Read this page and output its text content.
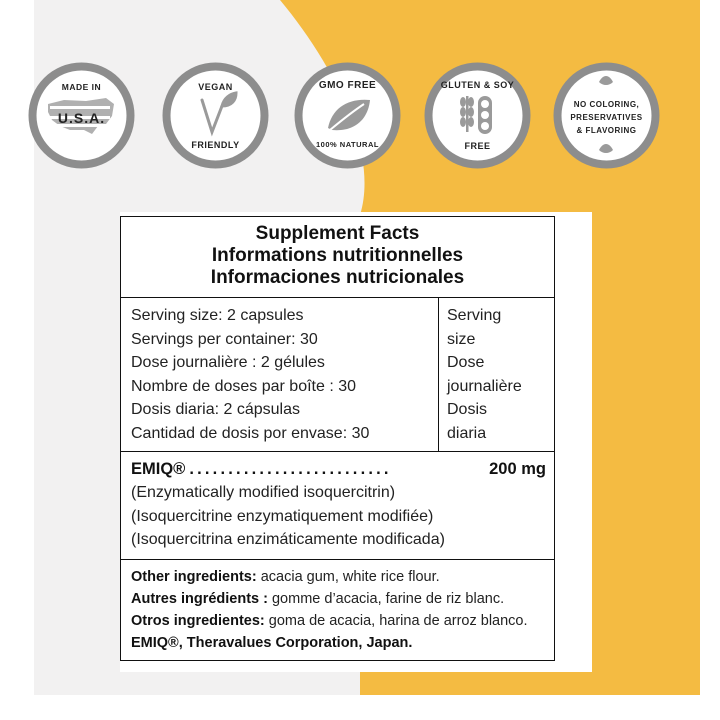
MADE IN
U.S.A.
VEGAN
FRIENDLY
GMO FREE
100% NATURAL
GLUTEN & SOY
FREE
NO COLORING,
PRESERVATIVES
& FLAVORING
Supplement Facts
Informations nutritionnelles
Informaciones nutricionales
Serving size: 2 capsules
Servings per container: 30
Dose journalière : 2 gélules
Nombre de doses par boîte : 30
Dosis diaria: 2 cápsulas
Cantidad de dosis por envase: 30
Serving
size
Dose
journalière
Dosis
diaria
EMIQ® ..........................	200 mg
(Enzymatically modified isoquercitrin)
(Isoquercitrine enzymatiquement modifiée)
(Isoquercitrina enzimáticamente modificada)
Other ingredients: acacia gum, white rice flour.
Autres ingrédients : gomme d’acacia, farine de riz blanc.
Otros ingredientes: goma de acacia, harina de arroz blanco.
EMIQ®, Theravalues Corporation, Japan.
